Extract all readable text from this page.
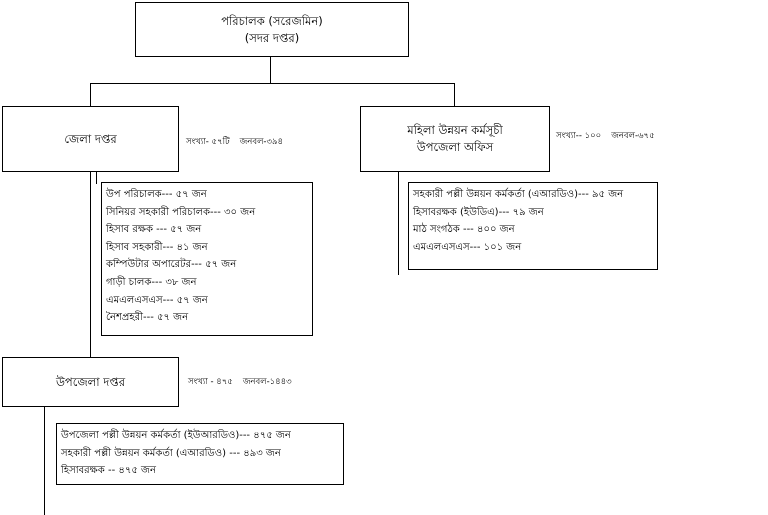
পরিচালক (সরেজমিন)
(সদর দপ্তর)
জেলা দপ্তর	সংখ্যা- ৫৭টি জনবল-৩৯৪
উপ পরিচালক--- ৫৭ জন
সিনিয়র সহকারী পরিচালক--- ৩০ জন
হিসাব রক্ষক --- ৫৭ জন
হিসাব সহকারী--- ৪১ জন
কম্পিউটার অপারেটর--- ৫৭ জন
গাড়ী চালক--- ৩৮ জন
এমএলএসএস--- ৫৭ জন
নৈশপ্রহরী--- ৫৭ জন
মহিলা উন্নয়ন কর্মসূচী
উপজেলা অফিস
সংখ্যা-- ১০০ জনবল-৬৭৫
সহকারী পল্লী উন্নয়ন কর্মকর্তা (এআরডিও)--- ৯৫ জন
হিসাবরক্ষক (ইউডিএ)--- ৭৯ জন
মাঠ সংগঠক --- ৪০০ জন
এমএলএসএস--- ১০১ জন
উপজেলা দপ্তর	সংখ্যা - ৪৭৫ জনবল-১৪৪৩
উপজেলা পল্লী উন্নয়ন কর্মকর্তা (ইউআরডিও)--- ৪৭৫ জন
সহকারী পল্লী উন্নয়ন কর্মকর্তা (এআরডিও) --- ৪৯৩ জন
হিসাবরক্ষক -- ৪৭৫ জন
